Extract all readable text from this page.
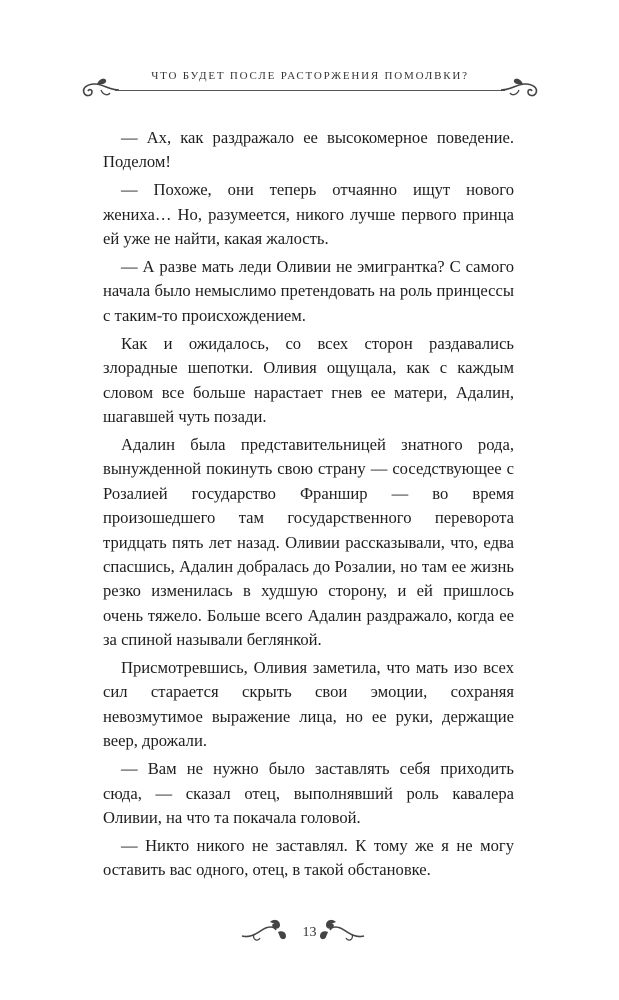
ЧТО БУДЕТ ПОСЛЕ РАСТОРЖЕНИЯ ПОМОЛВКИ?

— Ах, как раздражало ее высокомерное поведение. Поделом!

— Похоже, они теперь отчаянно ищут нового жениха… Но, разумеется, никого лучше первого принца ей уже не найти, какая жалость.

— А разве мать леди Оливии не эмигрантка? С самого начала было немыслимо претендовать на роль принцессы с таким-то происхождением.

Как и ожидалось, со всех сторон раздавались злорадные шепотки. Оливия ощущала, как с каждым словом все больше нарастает гнев ее матери, Адалин, шагавшей чуть позади.

Адалин была представительницей знатного рода, вынужденной покинуть свою страну — соседствующее с Розалией государство Франшир — во время произошедшего там государственного переворота тридцать пять лет назад. Оливии рассказывали, что, едва спасшись, Адалин добралась до Розалии, но там ее жизнь резко изменилась в худшую сторону, и ей пришлось очень тяжело. Больше всего Адалин раздражало, когда ее за спиной называли беглянкой.

Присмотревшись, Оливия заметила, что мать изо всех сил старается скрыть свои эмоции, сохраняя невозмутимое выражение лица, но ее руки, держащие веер, дрожали.

— Вам не нужно было заставлять себя приходить сюда, — сказал отец, выполнявший роль кавалера Оливии, на что та покачала головой.

— Никто никого не заставлял. К тому же я не могу оставить вас одного, отец, в такой обстановке.

13
